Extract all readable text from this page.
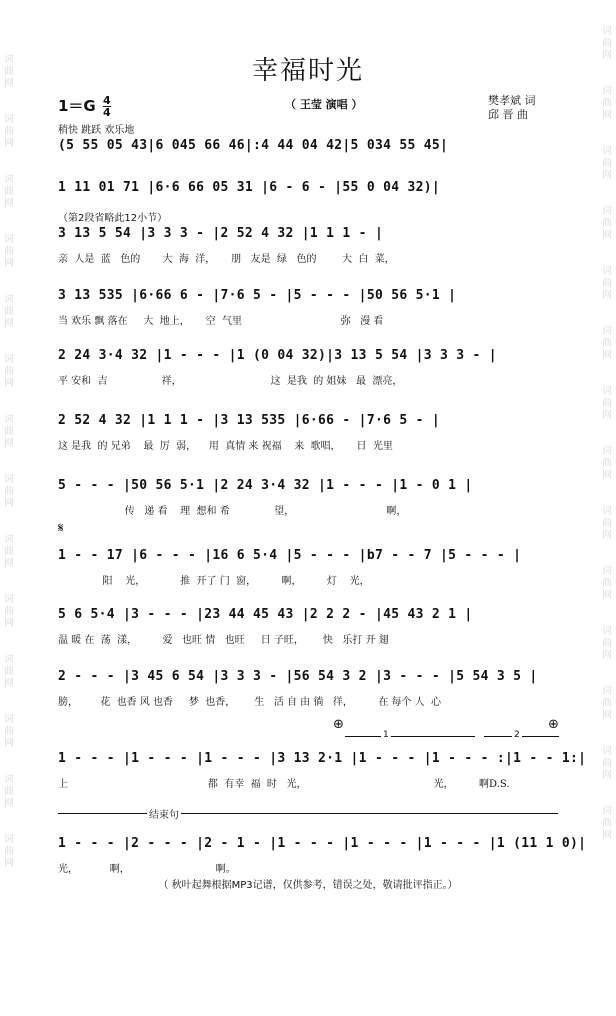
词
曲
网
词
曲
网
词
曲
网
词
曲
网
词
曲
网
词
曲
网
词
曲
网
词
曲
网
词
曲
网
词
曲
网
词
曲
网
词
曲
网
词
曲
网
词
曲
网
词
曲
网
词
曲
网
词
曲
网
词
曲
网
词
曲
网
词
曲
网
词
曲
网
词
曲
网
词
曲
网
词
曲
网
词
曲
网
词
曲
网
词
曲
网
词
曲
网
幸福时光
$1=G \frac{4}{4}$	（ 王莹 演唱 ）	樊孝斌 词
邱 晋 曲
稍快 跳跃 欢乐地
(5 55 05 43|6 045 66 46|:4 44 04 42|5 034 55 45|
1 11 01 71 |6·6 66 05 31 |6 - 6 - |55 0 04 32)|
3 13 5 54 |3 3 3 - |2 52 4 32 |1 1 1 - |
亲  人是  蓝   色的       大  海  洋，     朋   友是  绿   色的        大  白  菜，
3 13 535 |6·66 6 - |7·6 5 - |5 - - - |50 56 5·1 |
当 欢乐 飘 落在     大  地上，     空  气里                               弥   漫 看
2 24 3·4 32 |1 - - - |1 (0 04 32)|3 13 5 54 |3 3 3 - |
平 安和  吉                 祥，                            这  是我  的 姐妹   最  漂亮，
2 52 4 32 |1 1 1 - |3 13 535 |6·66 - |7·6 5 - |
这 是我  的 兄弟    最  厉  弱，    用  真情 来 祝福    来  歌唱，     日  光里
5 - - - |50 56 5·1 |2 24 3·4 32 |1 - - - |1 - 0 1 |
传   递 看    理  想和 希              望，                             啊，
1 - - 17 |6 - - - |16 6 5·4 |5 - - - |b7 - - 7 |5 - - - |
阳    光，           推  开了 门  窗，        啊，        灯    光，
5 6 5·4 |3 - - - |23 44 45 43 |2 2 2 - |45 43 2 1 |
温 暖 在  荡  漾，        爱   也旺 情   也旺     日 子旺，      快   乐打 开 翅
2 - - - |3 45 6 54 |3 3 3 - |56 54 3 2 |3 - - - |5 54 3 5 |
膀，       花  也香 风 也香     梦  也香，      生   活 自 由 徜   徉，        在 每个 人  心
1 - - - |1 - - - |1 - - - |3 13 2·1 |1 - - - |1 - - - :|1 - - 1:|
上                                            都  有幸  福  时   光，                                        光，        啊D.S.
1 - - - |2 - - - |2 - 1 - |1 - - - |1 - - - |1 - - - |1 (11 1 0)|
光，          啊，                           啊。
（第2段省略此12小节）
𝄋
⊕	⊕
1	2
结束句
（ 秋叶起舞根据MP3记谱，仅供参考，错误之处，敬请批评指正。）
